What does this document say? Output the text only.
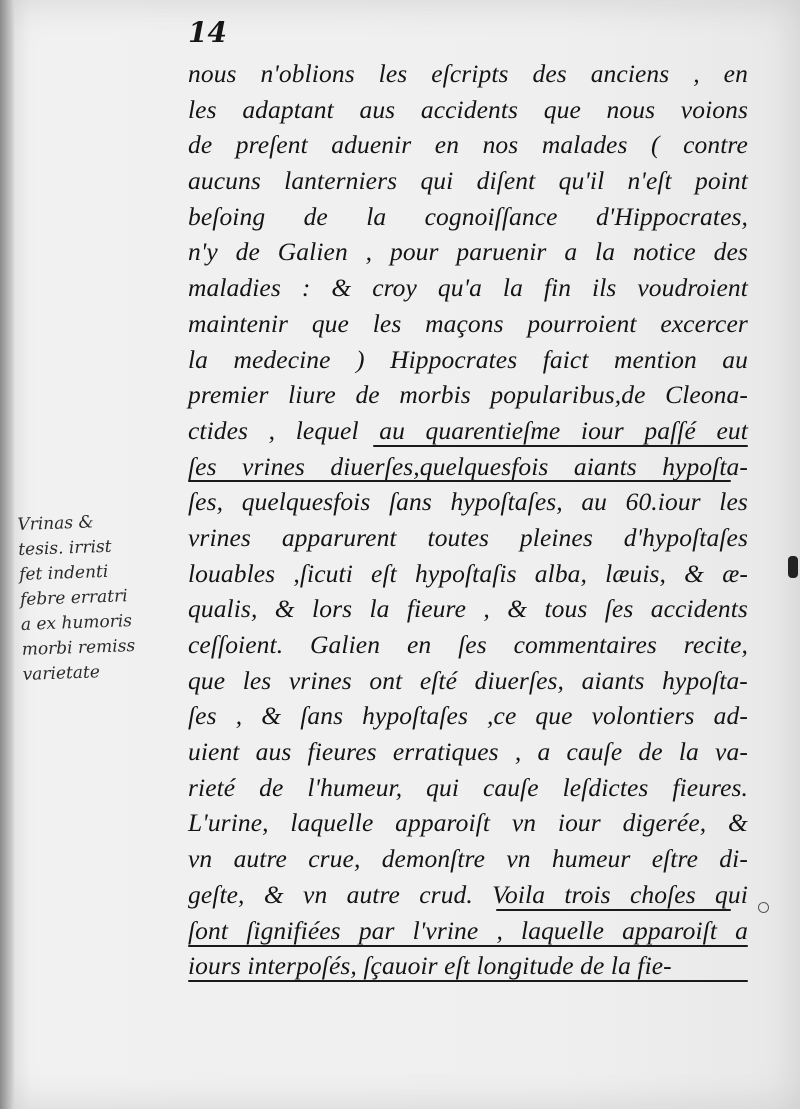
14
nous n'oblions les eſcripts des anciens , en
les adaptant aus accidents que nous voions
de preſent aduenir en nos malades ( contre
aucuns lanterniers qui diſent qu'il n'eſt point
beſoing de la cognoiſſance d'Hippocrates,
n'y de Galien , pour paruenir a la notice des
maladies : & croy qu'a la fin ils voudroient
maintenir que les maçons pourroient excercer
la medecine ) Hippocrates faict mention au
premier liure de morbis popularibus,de Cleona-
ctides , lequel au quarentieſme iour paſſé eut
ſes vrines diuerſes,quelquesfois aiants hypoſta-
ſes, quelquesfois ſans hypoſtaſes, au 60.iour les
vrines apparurent toutes pleines d'hypoſtaſes
louables ,ſicuti eſt hypoſtaſis alba, læuis, & æ-
qualis, & lors la fieure , & tous ſes accidents
ceſſoient. Galien en ſes commentaires recite,
que les vrines ont eſté diuerſes, aiants hypoſta-
ſes , & ſans hypoſtaſes ,ce que volontiers ad-
uient aus fieures erratiques , a cauſe de la va-
rieté de l'humeur, qui cauſe leſdictes fieures.
L'urine, laquelle apparoiſt vn iour digerée, &
vn autre crue, demonſtre vn humeur eſtre di-
geſte, & vn autre crud. Voila trois choſes qui
ſont ſignifiées par l'vrine , laquelle apparoiſt a
iours interpoſés, ſçauoir eſt longitude de la fie-
Vrinas &
tesis. irrist
fet indenti
febre erratri
a ex humoris
morbi remiss
varietate
